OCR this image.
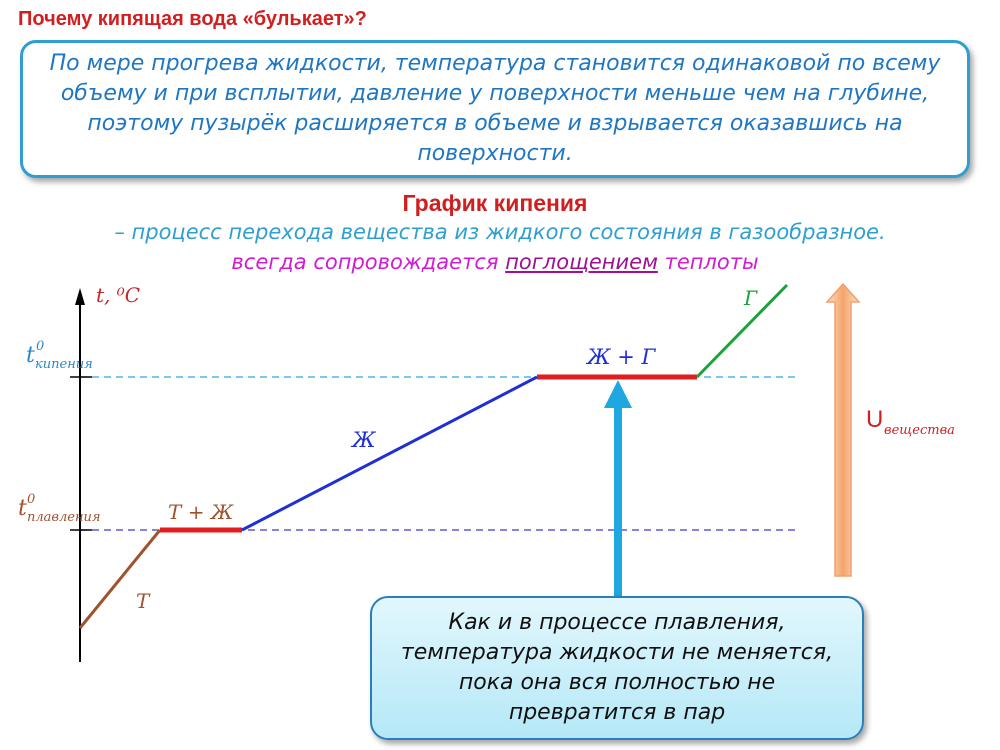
Почему кипящая вода «булькает»?
По мере прогрева жидкости, температура становится одинаковой по всему объему и при всплытии, давление у поверхности меньше чем на глубине, поэтому пузырёк расширяется в объеме и взрывается оказавшись на поверхности.
График кипения
– процесс перехода вещества из жидкого состояния в газообразное.
всегда сопровождается поглощением теплоты
t, ⁰C
t 0
кипения
t 0
плавления
Т
Т + Ж
Ж
Ж + Г
Г
U вещества
Как и в процессе плавления, температура жидкости не меняется, пока она вся полностью не превратится в пар
